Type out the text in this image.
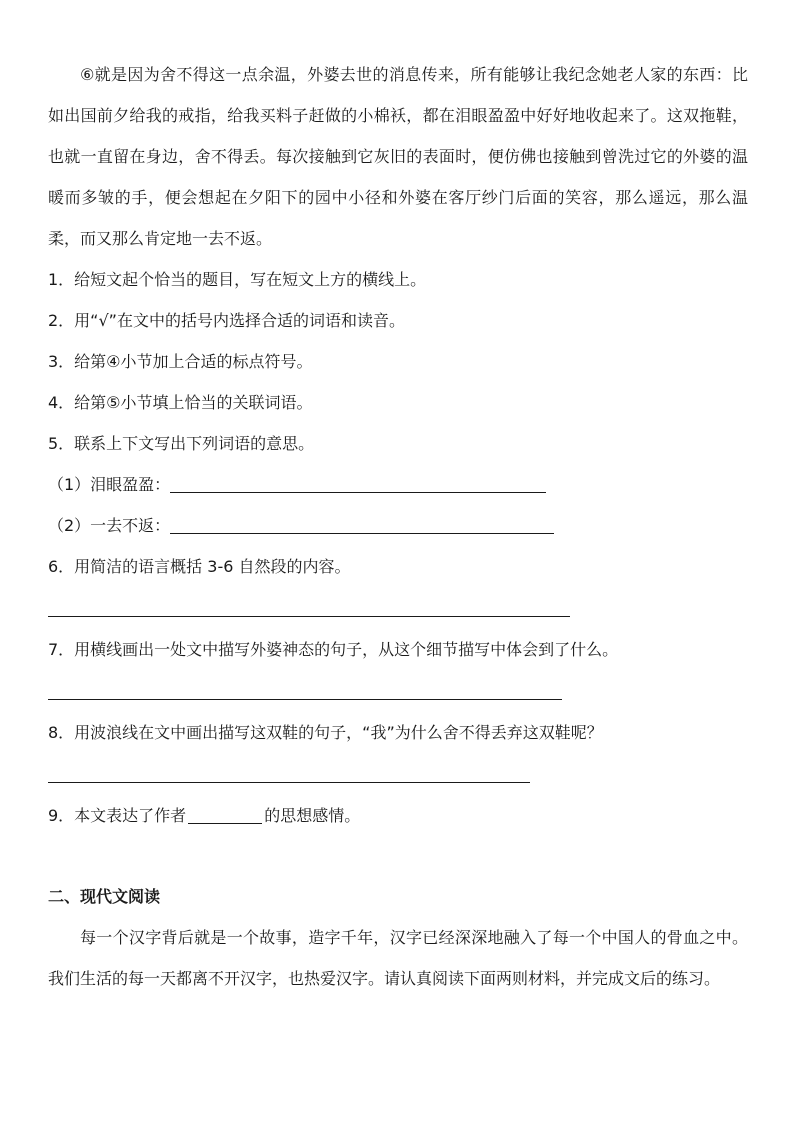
⑥就是因为舍不得这一点余温，外婆去世的消息传来，所有能够让我纪念她老人家的东西：比如出国前夕给我的戒指，给我买料子赶做的小棉袄，都在泪眼盈盈中好好地收起来了。这双拖鞋，也就一直留在身边，舍不得丢。每次接触到它灰旧的表面时，便仿佛也接触到曾洗过它的外婆的温暖而多皱的手，便会想起在夕阳下的园中小径和外婆在客厅纱门后面的笑容，那么遥远，那么温柔，而又那么肯定地一去不返。

1．给短文起个恰当的题目，写在短文上方的横线上。

2．用“√”在文中的括号内选择合适的词语和读音。

3．给第④小节加上合适的标点符号。

4．给第⑤小节填上恰当的关联词语。

5．联系上下文写出下列词语的意思。

（1）泪眼盈盈：

（2）一去不返：

6．用简洁的语言概括 3-6 自然段的内容。

7．用横线画出一处文中描写外婆神态的句子，从这个细节描写中体会到了什么。

8．用波浪线在文中画出描写这双鞋的句子，“我”为什么舍不得丢弃这双鞋呢？

9．本文表达了作者	的思想感情。

二、现代文阅读

每一个汉字背后就是一个故事，造字千年，汉字已经深深地融入了每一个中国人的骨血之中。我们生活的每一天都离不开汉字，也热爱汉字。请认真阅读下面两则材料，并完成文后的练习。
